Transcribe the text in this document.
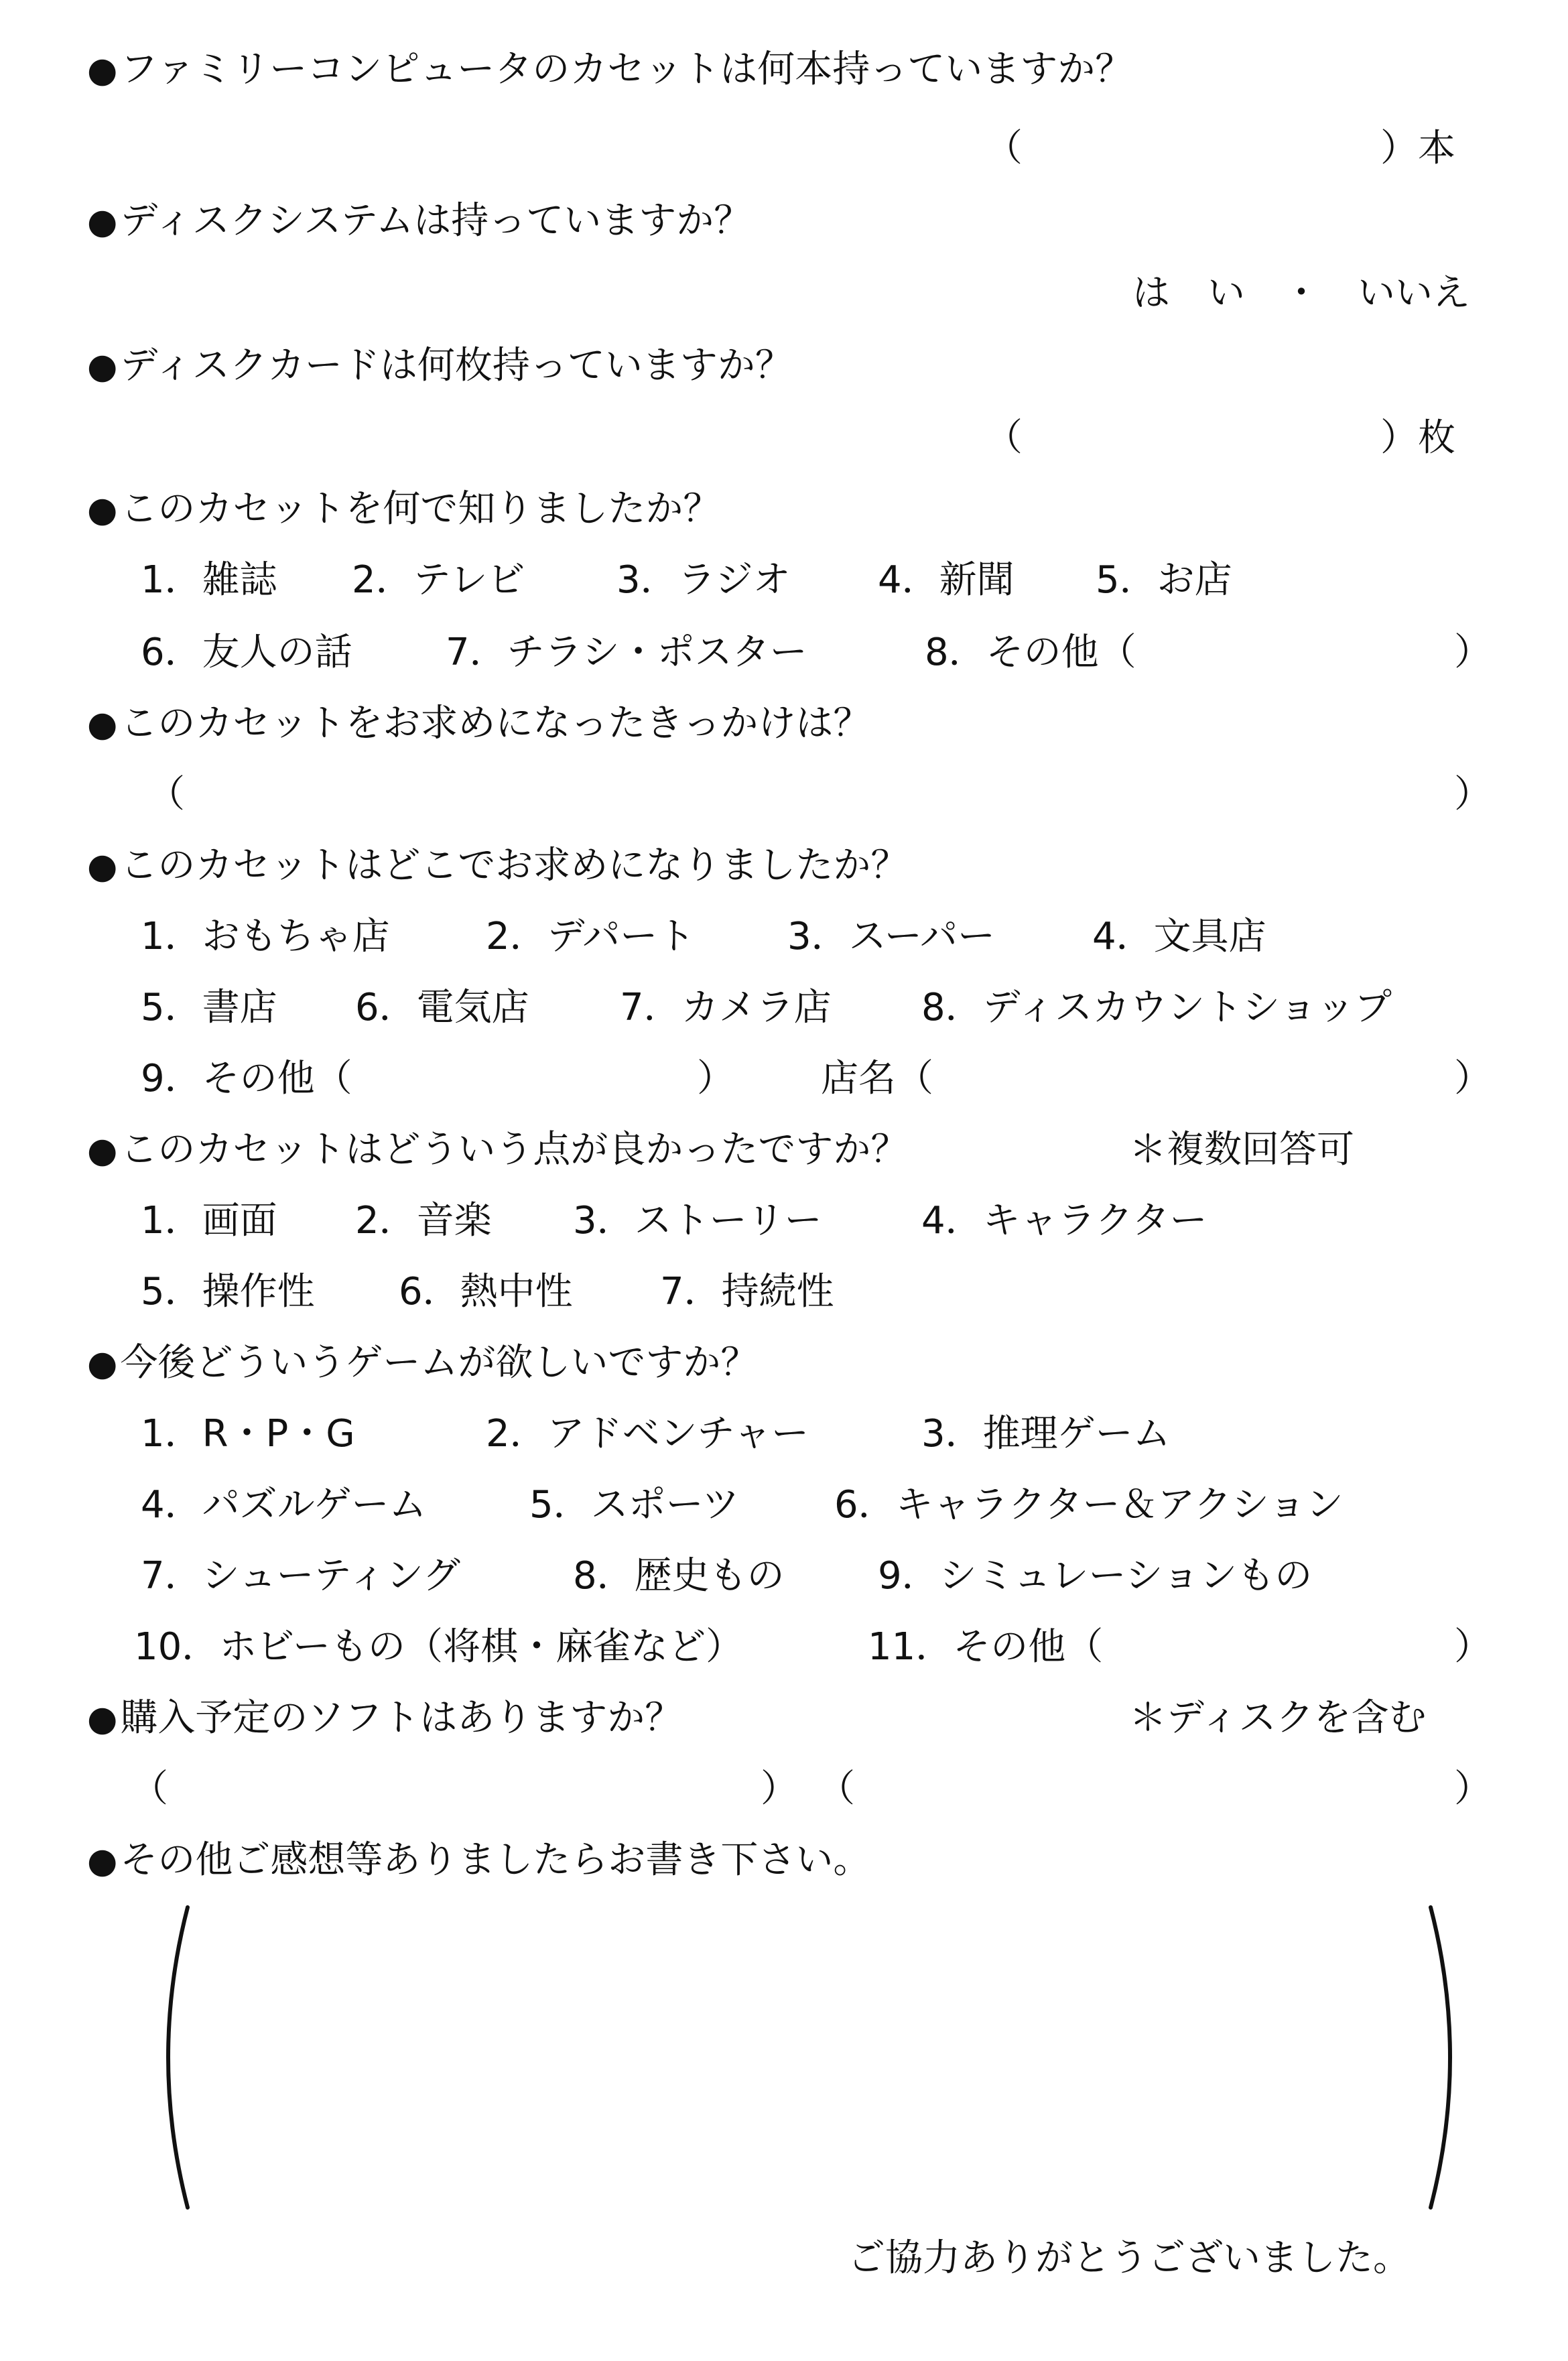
●ファミリーコンピュータのカセットは何本持っていますか？
（	）本
●ディスクシステムは持っていますか？
は　い　・　いいえ
●ディスクカードは何枚持っていますか？
（	）枚
●このカセットを何で知りましたか？
1．雑誌 2．テレビ 3．ラジオ 4．新聞 5．お店
6．友人の話 7．チラシ・ポスター	8．その他（	）
●このカセットをお求めになったきっかけは？
（	）
●このカセットはどこでお求めになりましたか？
1．おもちゃ店	2．デパート 3．スーパー	4．文具店
5．書店 6．電気店 7．カメラ店 8．ディスカウントショップ
9．その他（	） 店名（	）
●このカセットはどういう点が良かったですか？	＊複数回答可
1．画面 2．音楽 3．ストーリー	4．キャラクター
5．操作性 6．熱中性 7．持続性
●今後どういうゲームが欲しいですか？
1．R・P・G	2．アドベンチャー	3．推理ゲーム
4．パズルゲーム	5．スポーツ	6．キャラクター＆アクション
7．シューティング	8．歴史もの 9．シミュレーションもの
10．ホビーもの（将棋・麻雀など）	11．その他（	）
●購入予定のソフトはありますか？	＊ディスクを含む
（	） （	）
●その他ご感想等ありましたらお書き下さい。
ご協力ありがとうございました。
